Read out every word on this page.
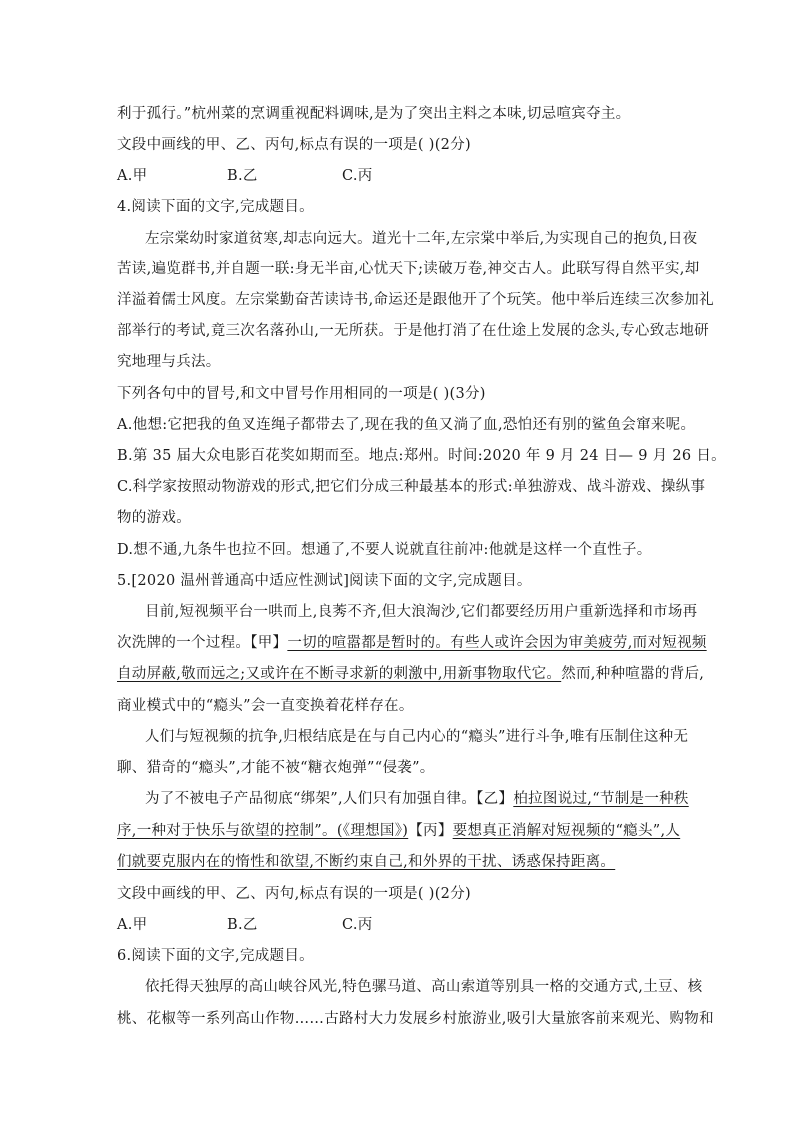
利于孤行。”杭州菜的烹调重视配料调味,是为了突出主料之本味,切忌喧宾夺主。
文段中画线的甲、乙、丙句,标点有误的一项是( )(2分)
A.甲	B.乙	C.丙
4.阅读下面的文字,完成题目。
左宗棠幼时家道贫寒,却志向远大。道光十二年,左宗棠中举后,为实现自己的抱负,日夜
苦读,遍览群书,并自题一联:身无半亩,心忧天下;读破万卷,神交古人。此联写得自然平实,却
洋溢着儒士风度。左宗棠勤奋苦读诗书,命运还是跟他开了个玩笑。他中举后连续三次参加礼
部举行的考试,竟三次名落孙山,一无所获。于是他打消了在仕途上发展的念头,专心致志地研
究地理与兵法。
下列各句中的冒号,和文中冒号作用相同的一项是( )(3分)
A.他想:它把我的鱼叉连绳子都带去了,现在我的鱼又淌了血,恐怕还有别的鲨鱼会窜来呢。
B.第 35 届大众电影百花奖如期而至。地点:郑州。时间:2020 年 9 月 24 日— 9 月 26 日。
C.科学家按照动物游戏的形式,把它们分成三种最基本的形式:单独游戏、战斗游戏、操纵事
物的游戏。
D.想不通,九条牛也拉不回。想通了,不要人说就直往前冲:他就是这样一个直性子。
5.[2020 温州普通高中适应性测试]阅读下面的文字,完成题目。
目前,短视频平台一哄而上,良莠不齐,但大浪淘沙,它们都要经历用户重新选择和市场再
次洗牌的一个过程。【甲】一切的喧嚣都是暂时的。有些人或许会因为审美疲劳,而对短视频
自动屏蔽,敬而远之;又或许在不断寻求新的刺激中,用新事物取代它。然而,种种喧嚣的背后,
商业模式中的“瘾头”会一直变换着花样存在。
人们与短视频的抗争,归根结底是在与自己内心的“瘾头”进行斗争,唯有压制住这种无
聊、猎奇的“瘾头”,才能不被“糖衣炮弹”“侵袭”。
为了不被电子产品彻底“绑架”,人们只有加强自律。【乙】柏拉图说过,“节制是一种秩
序,一种对于快乐与欲望的控制”。(《理想国》)【丙】要想真正消解对短视频的“瘾头”,人
们就要克服内在的惰性和欲望,不断约束自己,和外界的干扰、诱惑保持距离。
文段中画线的甲、乙、丙句,标点有误的一项是( )(2分)
A.甲	B.乙	C.丙
6.阅读下面的文字,完成题目。
依托得天独厚的高山峡谷风光,特色骡马道、高山索道等别具一格的交通方式,土豆、核
桃、花椒等一系列高山作物……古路村大力发展乡村旅游业,吸引大量旅客前来观光、购物和
